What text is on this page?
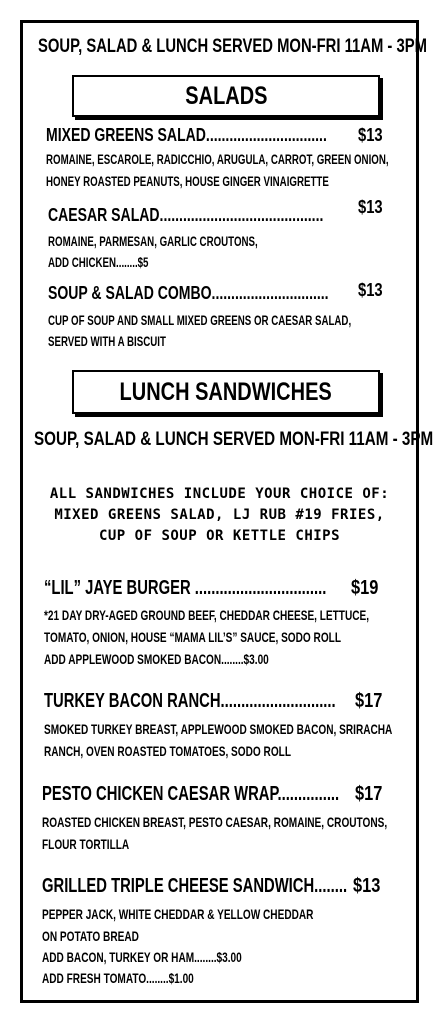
SOUP, SALAD & LUNCH SERVED MON-FRI 11AM - 3PM
SALADS
MIXED GREENS SALAD...............................	$13
ROMAINE, ESCAROLE, RADICCHIO, ARUGULA, CARROT, GREEN ONION,
HONEY ROASTED PEANUTS, HOUSE GINGER VINAIGRETTE
CAESAR SALAD..........................................	$13
ROMAINE, PARMESAN, GARLIC CROUTONS,
ADD CHICKEN........$5
SOUP & SALAD COMBO..............................	$13
CUP OF SOUP AND SMALL MIXED GREENS OR CAESAR SALAD,
SERVED WITH A BISCUIT
LUNCH SANDWICHES
SOUP, SALAD & LUNCH SERVED MON-FRI 11AM - 3PM
ALL SANDWICHES INCLUDE YOUR CHOICE OF:
MIXED GREENS SALAD, LJ RUB #19 FRIES,
CUP OF SOUP OR KETTLE CHIPS
“LIL” JAYE BURGER ................................	$19
*21 DAY DRY-AGED GROUND BEEF, CHEDDAR CHEESE, LETTUCE,
TOMATO, ONION, HOUSE “MAMA LIL’S” SAUCE, SODO ROLL
ADD APPLEWOOD SMOKED BACON........$3.00
TURKEY BACON RANCH............................ $17
SMOKED TURKEY BREAST, APPLEWOOD SMOKED BACON, SRIRACHA
RANCH, OVEN ROASTED TOMATOES, SODO ROLL
PESTO CHICKEN CAESAR WRAP............... $17
ROASTED CHICKEN BREAST, PESTO CAESAR, ROMAINE, CROUTONS,
FLOUR TORTILLA
GRILLED TRIPLE CHEESE SANDWICH........ $13
PEPPER JACK, WHITE CHEDDAR & YELLOW CHEDDAR
ON POTATO BREAD
ADD BACON, TURKEY OR HAM........$3.00
ADD FRESH TOMATO........$1.00
